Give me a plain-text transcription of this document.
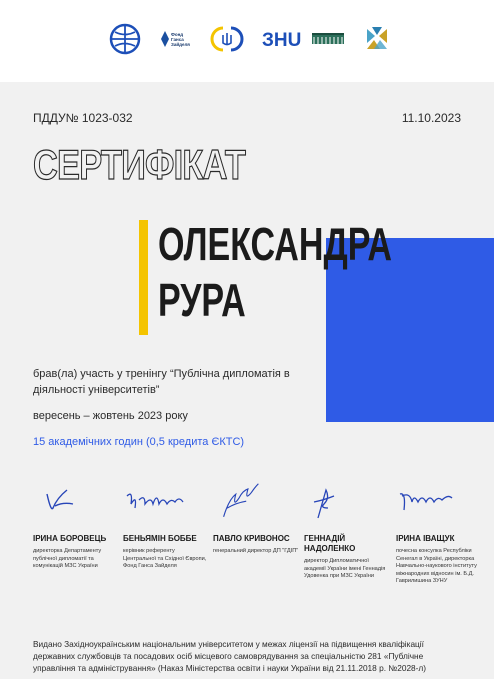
Фонд
Ганса
Зайделя	ЗНU
ПДДУ№ 1023-032	11.10.2023
СЕРТИФІКАТ
ОЛЕКСАНДРА
РУРА
брав(ла) участь у тренінгу “Публічна дипломатія в діяльності університетів”
вересень – жовтень 2023 року
15 академічних годин (0,5 кредита ЄКТС)
ІРИНА БОРОВЕЦЬ
директорка Департаменту публічної дипломатії та комунікацій МЗС України
БЕНЬЯМІН БОББЕ
керівник референту Центральної та Східної Європи, Фонд Ганса Зайделя
ПАВЛО КРИВОНОС
генеральний директор ДП "ГДІП"
ГЕННАДІЙ НАДОЛЕНКО
директор Дипломатичної академії України імені Геннадія Удовенка при МЗС України
ІРИНА ІВАЩУК
почесна консулка Республіки Сенегал в Україні, директорка Навчально-наукового інституту міжнародних відносин ім. Б.Д. Гаврилишина ЗУНУ
Видано Західноукраїнським національним університетом у межах ліцензії на підвищення кваліфікації державних службовців та посадових осіб місцевого самоврядування за спеціальністю 281 «Публічне управління та адміністрування» (Наказ Міністерства освіти і науки України від 21.11.2018 р. №2028-л)
